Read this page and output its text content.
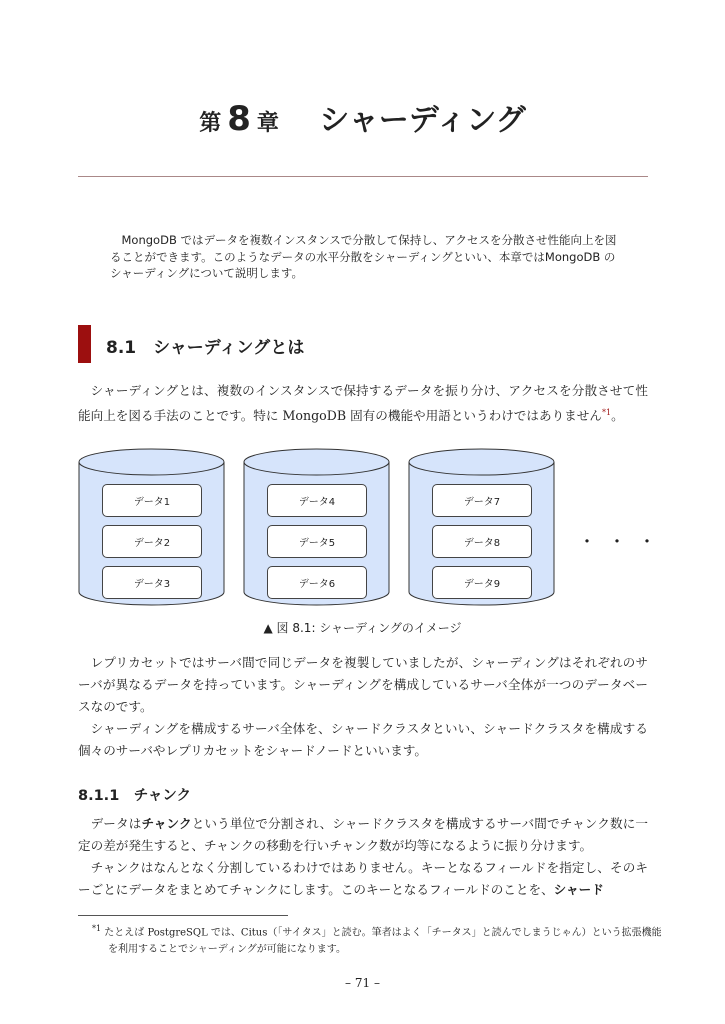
第 8 章 シャーディング
MongoDB ではデータを複数インスタンスで分散して保持し、アクセスを分散させ性能向上を図ることができます。このようなデータの水平分散をシャーディングといい、本章ではMongoDB のシャーディングについて説明します。
8.1　シャーディングとは
シャーディングとは、複数のインスタンスで保持するデータを振り分け、アクセスを分散させて性能向上を図る手法のことです。特に MongoDB 固有の機能や用語というわけではありません$^{*1}$。
データ1
データ2
データ3
データ4
データ5
データ6
データ7
データ8
データ9
・・・
▲ 図 8.1: シャーディングのイメージ
レプリカセットではサーバ間で同じデータを複製していましたが、シャーディングはそれぞれのサーバが異なるデータを持っています。シャーディングを構成しているサーバ全体が一つのデータベースなのです。
シャーディングを構成するサーバ全体を、シャードクラスタといい、シャードクラスタを構成する個々のサーバやレプリカセットをシャードノードといいます。
8.1.1　チャンク
データはチャンクという単位で分割され、シャードクラスタを構成するサーバ間でチャンク数に一定の差が発生すると、チャンクの移動を行いチャンク数が均等になるように振り分けます。
チャンクはなんとなく分割しているわけではありません。キーとなるフィールドを指定し、そのキーごとにデータをまとめてチャンクにします。このキーとなるフィールドのことを、シャード
$^{*1}$ たとえば PostgreSQL では、Citus（「サイタス」と読む。筆者はよく「チータス」と読んでしまうじゃん）という拡張機能を利用することでシャーディングが可能になります。
– 71 –
